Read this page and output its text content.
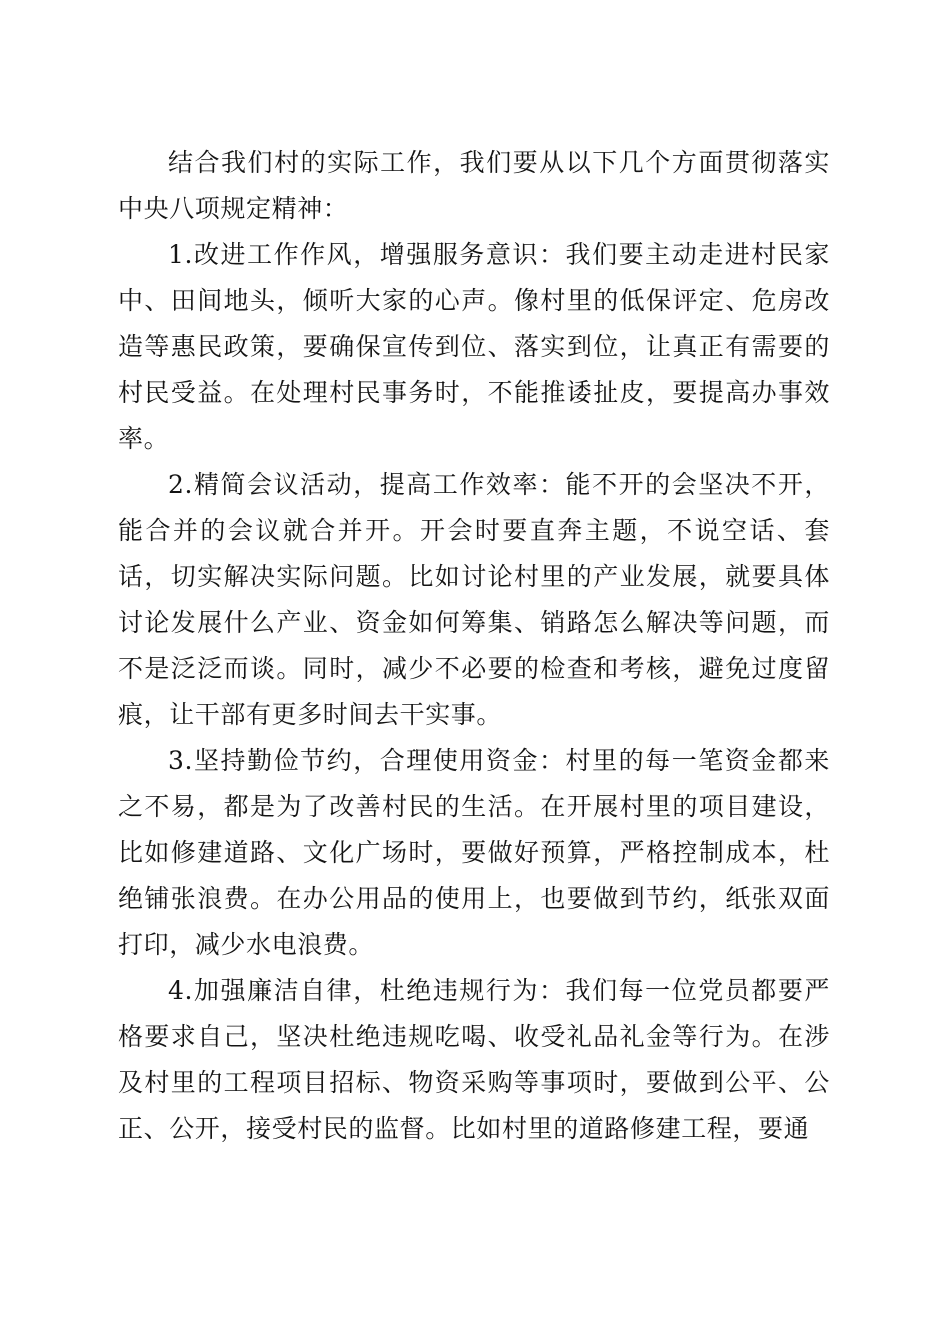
结合我们村的实际工作，我们要从以下几个方面贯彻落实中央八项规定精神：

1.改进工作作风，增强服务意识：我们要主动走进村民家中、田间地头，倾听大家的心声。像村里的低保评定、危房改造等惠民政策，要确保宣传到位、落实到位，让真正有需要的村民受益。在处理村民事务时，不能推诿扯皮，要提高办事效率。

2.精简会议活动，提高工作效率：能不开的会坚决不开，能合并的会议就合并开。开会时要直奔主题，不说空话、套话，切实解决实际问题。比如讨论村里的产业发展，就要具体讨论发展什么产业、资金如何筹集、销路怎么解决等问题，而不是泛泛而谈。同时，减少不必要的检查和考核，避免过度留痕，让干部有更多时间去干实事。

3.坚持勤俭节约，合理使用资金：村里的每一笔资金都来之不易，都是为了改善村民的生活。在开展村里的项目建设，比如修建道路、文化广场时，要做好预算，严格控制成本，杜绝铺张浪费。在办公用品的使用上，也要做到节约，纸张双面打印，减少水电浪费。

4.加强廉洁自律，杜绝违规行为：我们每一位党员都要严格要求自己，坚决杜绝违规吃喝、收受礼品礼金等行为。在涉及村里的工程项目招标、物资采购等事项时，要做到公平、公正、公开，接受村民的监督。比如村里的道路修建工程，要通
